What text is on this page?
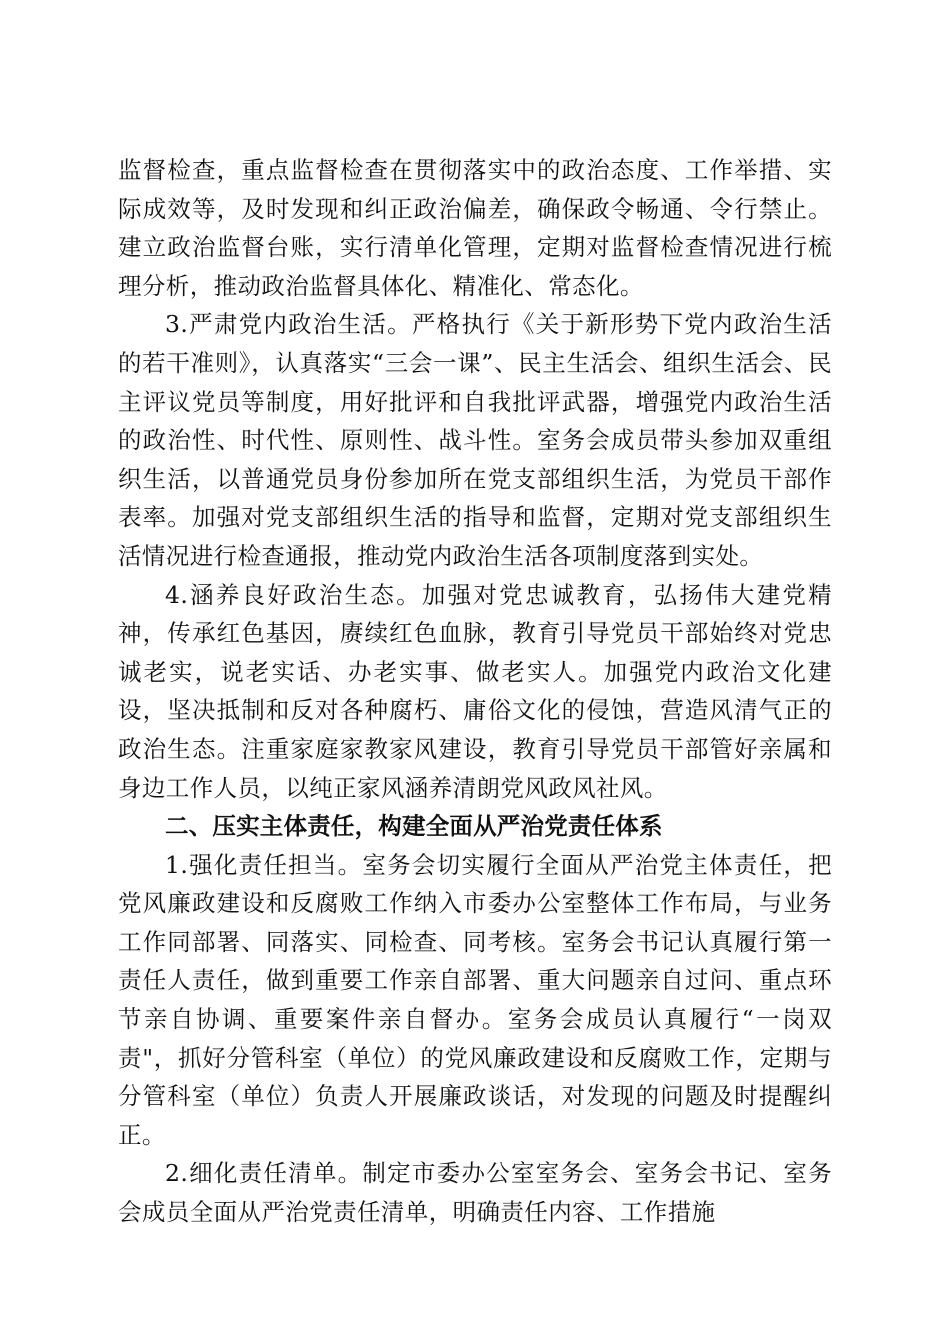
监督检查，重点监督检查在贯彻落实中的政治态度、工作举措、实际成效等，及时发现和纠正政治偏差，确保政令畅通、令行禁止。建立政治监督台账，实行清单化管理，定期对监督检查情况进行梳理分析，推动政治监督具体化、精准化、常态化。

3.严肃党内政治生活。严格执行《关于新形势下党内政治生活的若干准则》，认真落实“三会一课”、民主生活会、组织生活会、民主评议党员等制度，用好批评和自我批评武器，增强党内政治生活的政治性、时代性、原则性、战斗性。室务会成员带头参加双重组织生活，以普通党员身份参加所在党支部组织生活，为党员干部作表率。加强对党支部组织生活的指导和监督，定期对党支部组织生活情况进行检查通报，推动党内政治生活各项制度落到实处。

4.涵养良好政治生态。加强对党忠诚教育，弘扬伟大建党精神，传承红色基因，赓续红色血脉，教育引导党员干部始终对党忠诚老实，说老实话、办老实事、做老实人。加强党内政治文化建设，坚决抵制和反对各种腐朽、庸俗文化的侵蚀，营造风清气正的政治生态。注重家庭家教家风建设，教育引导党员干部管好亲属和身边工作人员，以纯正家风涵养清朗党风政风社风。

二、压实主体责任，构建全面从严治党责任体系

1.强化责任担当。室务会切实履行全面从严治党主体责任，把党风廉政建设和反腐败工作纳入市委办公室整体工作布局，与业务工作同部署、同落实、同检查、同考核。室务会书记认真履行第一责任人责任，做到重要工作亲自部署、重大问题亲自过问、重点环节亲自协调、重要案件亲自督办。室务会成员认真履行“一岗双责"，抓好分管科室（单位）的党风廉政建设和反腐败工作，定期与分管科室（单位）负责人开展廉政谈话，对发现的问题及时提醒纠正。

2.细化责任清单。制定市委办公室室务会、室务会书记、室务会成员全面从严治党责任清单，明确责任内容、工作措施
